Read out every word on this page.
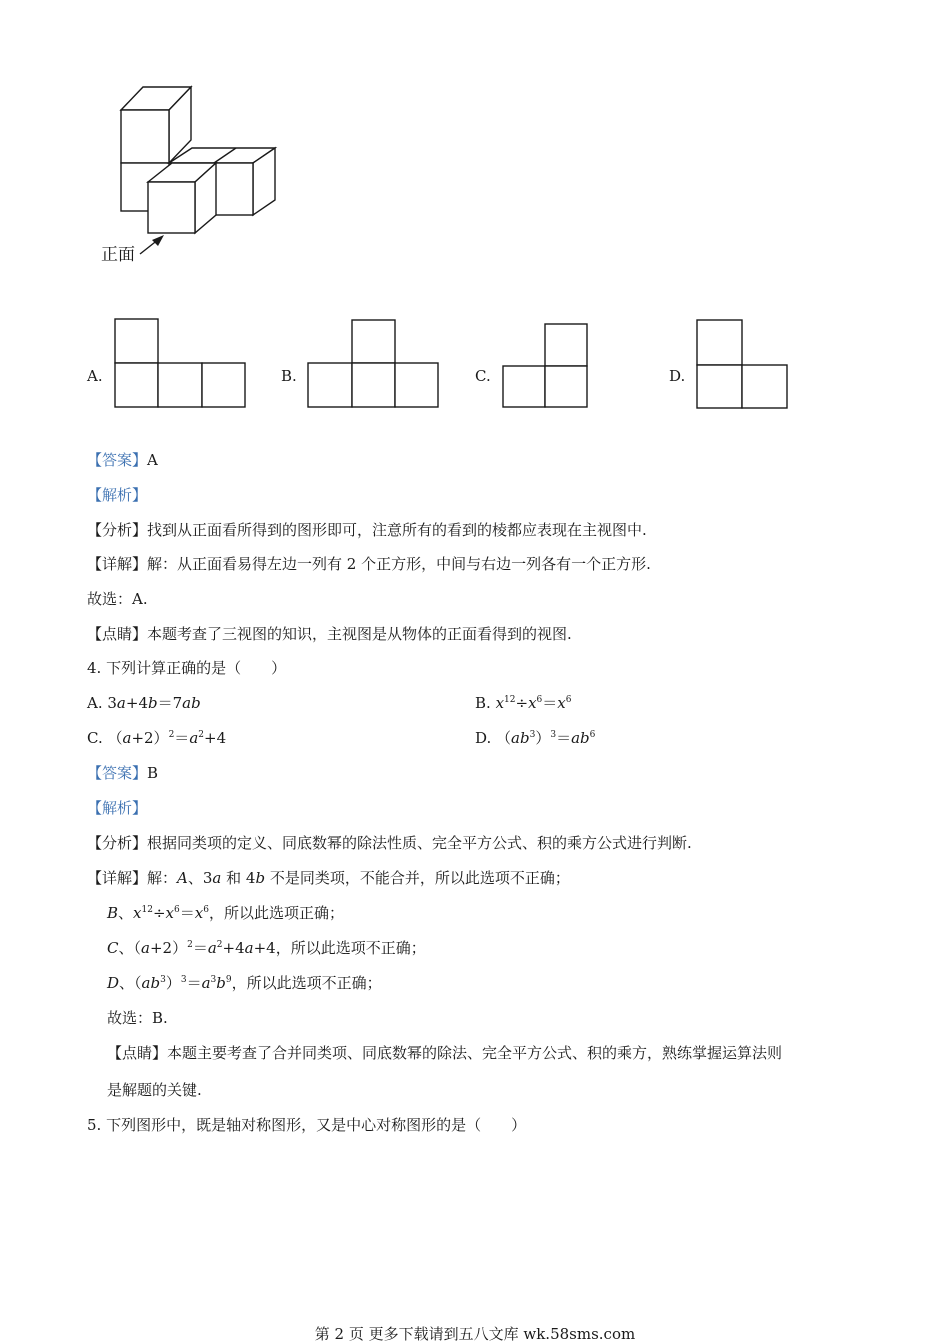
正面
A.	B.	C.	D.
【答案】A
【解析】
【分析】找到从正面看所得到的图形即可，注意所有的看到的棱都应表现在主视图中.
【详解】解：从正面看易得左边一列有 2 个正方形，中间与右边一列各有一个正方形.
故选：A.
【点睛】本题考查了三视图的知识，主视图是从物体的正面看得到的视图.
4. 下列计算正确的是（　　）
A. 3a+4b＝7ab	B. $x^{12}\div x^6=x^6$
C. $(a+2)^2=a^2+4$	D. $(ab^3)^3=ab^6$
【答案】B
【解析】
【分析】根据同类项的定义、同底数幂的除法性质、完全平方公式、积的乘方公式进行判断.
【详解】解：A、3a 和 4b 不是同类项，不能合并，所以此选项不正确；
B、$x^{12}\div x^6=x^6$，所以此选项正确；
C、$(a+2)^2=a^2+4a+4$，所以此选项不正确；
D、$(ab^3)^3=a^3b^9$，所以此选项不正确；
故选：B.
【点睛】本题主要考查了合并同类项、同底数幂的除法、完全平方公式、积的乘方，熟练掌握运算法则
是解题的关键.
5. 下列图形中，既是轴对称图形，又是中心对称图形的是（　　）
第 2 页 更多下载请到五八文库 wk.58sms.com
